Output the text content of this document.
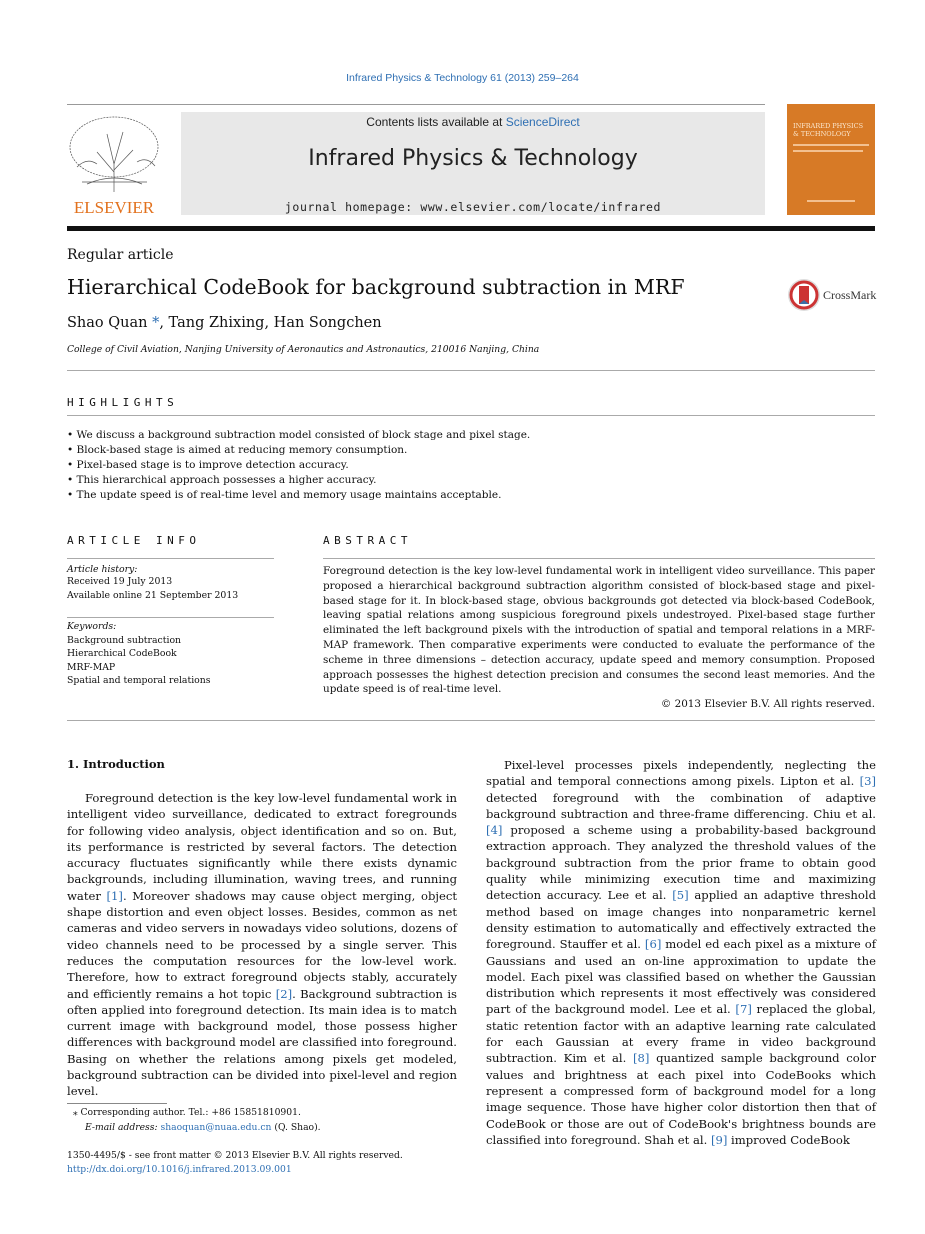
Infrared Physics & Technology 61 (2013) 259–264
ELSEVIER
Contents lists available at ScienceDirect
Infrared Physics & Technology
journal homepage: www.elsevier.com/locate/infrared
INFRARED PHYSICS & TECHNOLOGY
Regular article
Hierarchical CodeBook for background subtraction in MRF	CrossMark
Shao Quan *, Tang Zhixing, Han Songchen
College of Civil Aviation, Nanjing University of Aeronautics and Astronautics, 210016 Nanjing, China
HIGHLIGHTS
• We discuss a background subtraction model consisted of block stage and pixel stage.
• Block-based stage is aimed at reducing memory consumption.
• Pixel-based stage is to improve detection accuracy.
• This hierarchical approach possesses a higher accuracy.
• The update speed is of real-time level and memory usage maintains acceptable.
ARTICLE INFO
Article history:
Received 19 July 2013
Available online 21 September 2013
Keywords:
Background subtraction
Hierarchical CodeBook
MRF-MAP
Spatial and temporal relations
ABSTRACT
Foreground detection is the key low-level fundamental work in intelligent video surveillance. This paper proposed a hierarchical background subtraction algorithm consisted of block-based stage and pixel-based stage for it. In block-based stage, obvious backgrounds got detected via block-based CodeBook, leaving spatial relations among suspicious foreground pixels undestroyed. Pixel-based stage further eliminated the left background pixels with the introduction of spatial and temporal relations in a MRF-MAP framework. Then comparative experiments were conducted to evaluate the performance of the scheme in three dimensions – detection accuracy, update speed and memory consumption. Proposed approach possesses the highest detection precision and consumes the second least memories. And the update speed is of real-time level.
© 2013 Elsevier B.V. All rights reserved.
1. Introduction
Foreground detection is the key low-level fundamental work in intelligent video surveillance, dedicated to extract foregrounds for following video analysis, object identification and so on. But, its performance is restricted by several factors. The detection accuracy fluctuates significantly while there exists dynamic backgrounds, including illumination, waving trees, and running water [1]. Moreover shadows may cause object merging, object shape distortion and even object losses. Besides, common as net cameras and video servers in nowadays video solutions, dozens of video channels need to be processed by a single server. This reduces the computation resources for the low-level work. Therefore, how to extract foreground objects stably, accurately and efficiently remains a hot topic [2]. Background subtraction is often applied into foreground detection. Its main idea is to match current image with background model, those possess higher differences with background model are classified into foreground. Basing on whether the relations among pixels get modeled, background subtraction can be divided into pixel-level and region level.
Pixel-level processes pixels independently, neglecting the spatial and temporal connections among pixels. Lipton et al. [3] detected foreground with the combination of adaptive background subtraction and three-frame differencing. Chiu et al. [4] proposed a scheme using a probability-based background extraction approach. They analyzed the threshold values of the background subtraction from the prior frame to obtain good quality while minimizing execution time and maximizing detection accuracy. Lee et al. [5] applied an adaptive threshold method based on image changes into nonparametric kernel density estimation to automatically and effectively extracted the foreground. Stauffer et al. [6] model ed each pixel as a mixture of Gaussians and used an on-line approximation to update the model. Each pixel was classified based on whether the Gaussian distribution which represents it most effectively was considered part of the background model. Lee et al. [7] replaced the global, static retention factor with an adaptive learning rate calculated for each Gaussian at every frame in video background subtraction. Kim et al. [8] quantized sample background color values and brightness at each pixel into CodeBooks which represent a compressed form of background model for a long image sequence. Those have higher color distortion then that of CodeBook or those are out of CodeBook's brightness bounds are classified into foreground. Shah et al. [9] improved CodeBook
⁎ Corresponding author. Tel.: +86 15851810901.
E-mail address: shaoquan@nuaa.edu.cn (Q. Shao).
1350-4495/$ - see front matter © 2013 Elsevier B.V. All rights reserved.
http://dx.doi.org/10.1016/j.infrared.2013.09.001
